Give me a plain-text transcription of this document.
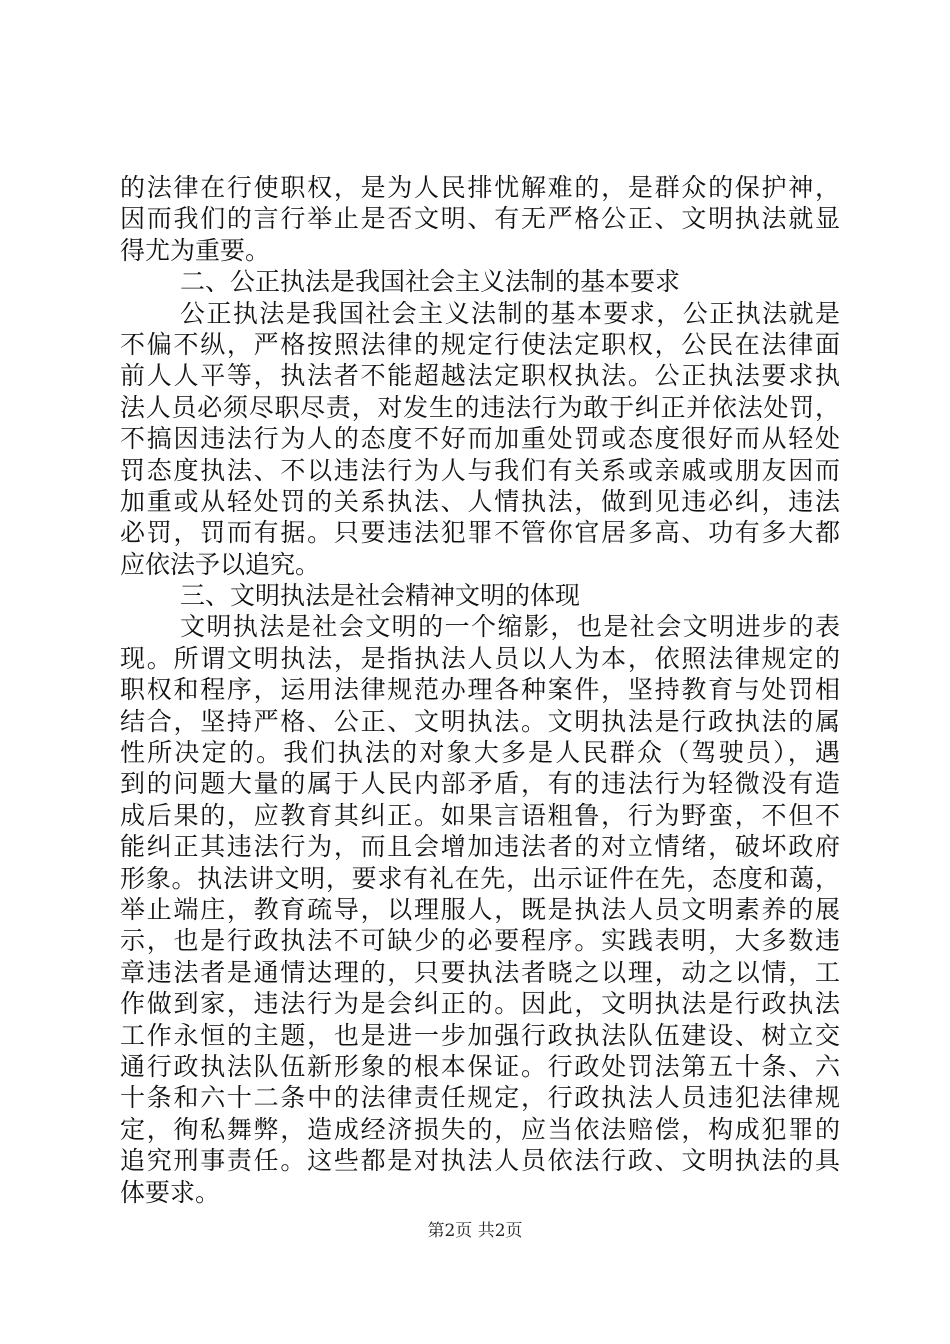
的法律在行使职权，是为人民排忧解难的，是群众的保护神，
因而我们的言行举止是否文明、有无严格公正、文明执法就显
得尤为重要。
二、公正执法是我国社会主义法制的基本要求
公正执法是我国社会主义法制的基本要求，公正执法就是
不偏不纵，严格按照法律的规定行使法定职权，公民在法律面
前人人平等，执法者不能超越法定职权执法。公正执法要求执
法人员必须尽职尽责，对发生的违法行为敢于纠正并依法处罚，
不搞因违法行为人的态度不好而加重处罚或态度很好而从轻处
罚态度执法、不以违法行为人与我们有关系或亲戚或朋友因而
加重或从轻处罚的关系执法、人情执法，做到见违必纠，违法
必罚，罚而有据。只要违法犯罪不管你官居多高、功有多大都
应依法予以追究。
三、文明执法是社会精神文明的体现
文明执法是社会文明的一个缩影，也是社会文明进步的表
现。所谓文明执法，是指执法人员以人为本，依照法律规定的
职权和程序，运用法律规范办理各种案件，坚持教育与处罚相
结合，坚持严格、公正、文明执法。文明执法是行政执法的属
性所决定的。我们执法的对象大多是人民群众（驾驶员），遇
到的问题大量的属于人民内部矛盾，有的违法行为轻微没有造
成后果的，应教育其纠正。如果言语粗鲁，行为野蛮，不但不
能纠正其违法行为，而且会增加违法者的对立情绪，破坏政府
形象。执法讲文明，要求有礼在先，出示证件在先，态度和蔼，
举止端庄，教育疏导，以理服人，既是执法人员文明素养的展
示，也是行政执法不可缺少的必要程序。实践表明，大多数违
章违法者是通情达理的，只要执法者晓之以理，动之以情，工
作做到家，违法行为是会纠正的。因此，文明执法是行政执法
工作永恒的主题，也是进一步加强行政执法队伍建设、树立交
通行政执法队伍新形象的根本保证。行政处罚法第五十条、六
十条和六十二条中的法律责任规定，行政执法人员违犯法律规
定，徇私舞弊，造成经济损失的，应当依法赔偿，构成犯罪的
追究刑事责任。这些都是对执法人员依法行政、文明执法的具
体要求。
第2页 共2页
